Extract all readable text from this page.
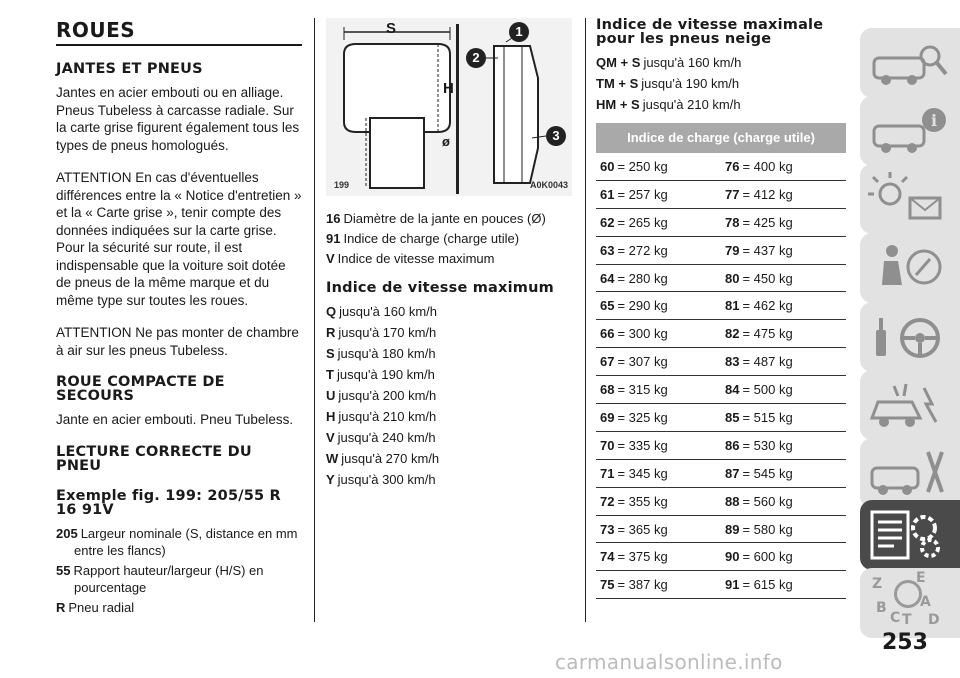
ROUES
JANTES ET PNEUS

Jantes en acier embouti ou en alliage. Pneus Tubeless à carcasse radiale. Sur la carte grise figurent également tous les types de pneus homologués.

ATTENTION En cas d'éventuelles différences entre la « Notice d'entretien » et la « Carte grise », tenir compte des données indiquées sur la carte grise. Pour la sécurité sur route, il est indispensable que la voiture soit dotée de pneus de la même marque et du même type sur toutes les roues.

ATTENTION Ne pas monter de chambre à air sur les pneus Tubeless.

ROUE COMPACTE DE SECOURS

Jante en acier embouti. Pneu Tubeless.

LECTURE CORRECTE DU PNEU
Exemple fig. 199: 205/55 R 16 91V
205 Largeur nominale (S, distance en mm entre les flancs)
55 Rapport hauteur/largeur (H/S) en pourcentage
R Pneu radial
S
H
ø
1
2
3
199	A0K0043
16 Diamètre de la jante en pouces (Ø)
91 Indice de charge (charge utile)
V Indice de vitesse maximum
Indice de vitesse maximum
Q jusqu'à 160 km/h
R jusqu'à 170 km/h
S jusqu'à 180 km/h
T jusqu'à 190 km/h
U jusqu'à 200 km/h
H jusqu'à 210 km/h
V jusqu'à 240 km/h
W jusqu'à 270 km/h
Y jusqu'à 300 km/h
Indice de vitesse maximale pour les pneus neige
QM + S jusqu'à 160 km/h
TM + S jusqu'à 190 km/h
HM + S jusqu'à 210 km/h
Indice de charge (charge utile)
60 = 250 kg	76 = 400 kg
61 = 257 kg	77 = 412 kg
62 = 265 kg	78 = 425 kg
63 = 272 kg	79 = 437 kg
64 = 280 kg	80 = 450 kg
65 = 290 kg	81 = 462 kg
66 = 300 kg	82 = 475 kg
67 = 307 kg	83 = 487 kg
68 = 315 kg	84 = 500 kg
69 = 325 kg	85 = 515 kg
70 = 335 kg	86 = 530 kg
71 = 345 kg	87 = 545 kg
72 = 355 kg	88 = 560 kg
73 = 365 kg	89 = 580 kg
74 = 375 kg	90 = 600 kg
75 = 387 kg	91 = 615 kg
i
Z E
B A
C T D
253
carmanualsonline.info
